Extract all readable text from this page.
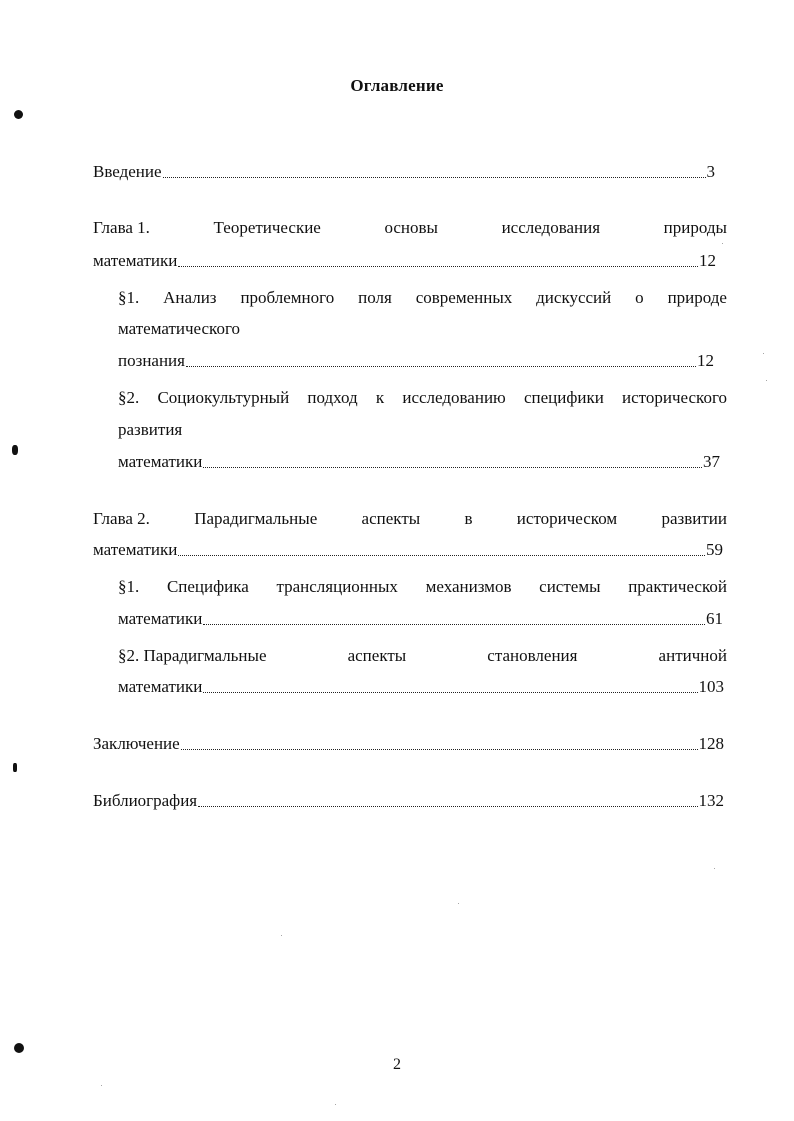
Оглавление
Введение	3
Глава 1.	Теоретические	основы	исследования	природы
математики	12
§1. Анализ проблемного поля современных дискуссий о природе
математического
познания	12
§2. Социокультурный подход к исследованию специфики исторического
развития
математики	37
Глава 2.	Парадигмальные	аспекты	в	историческом	развитии
математики	59
§1. Специфика трансляционных механизмов системы практической
математики	61
§2. Парадигмальные	аспекты	становления	античной
математики	103
Заключение	128
Библиография	132
2
